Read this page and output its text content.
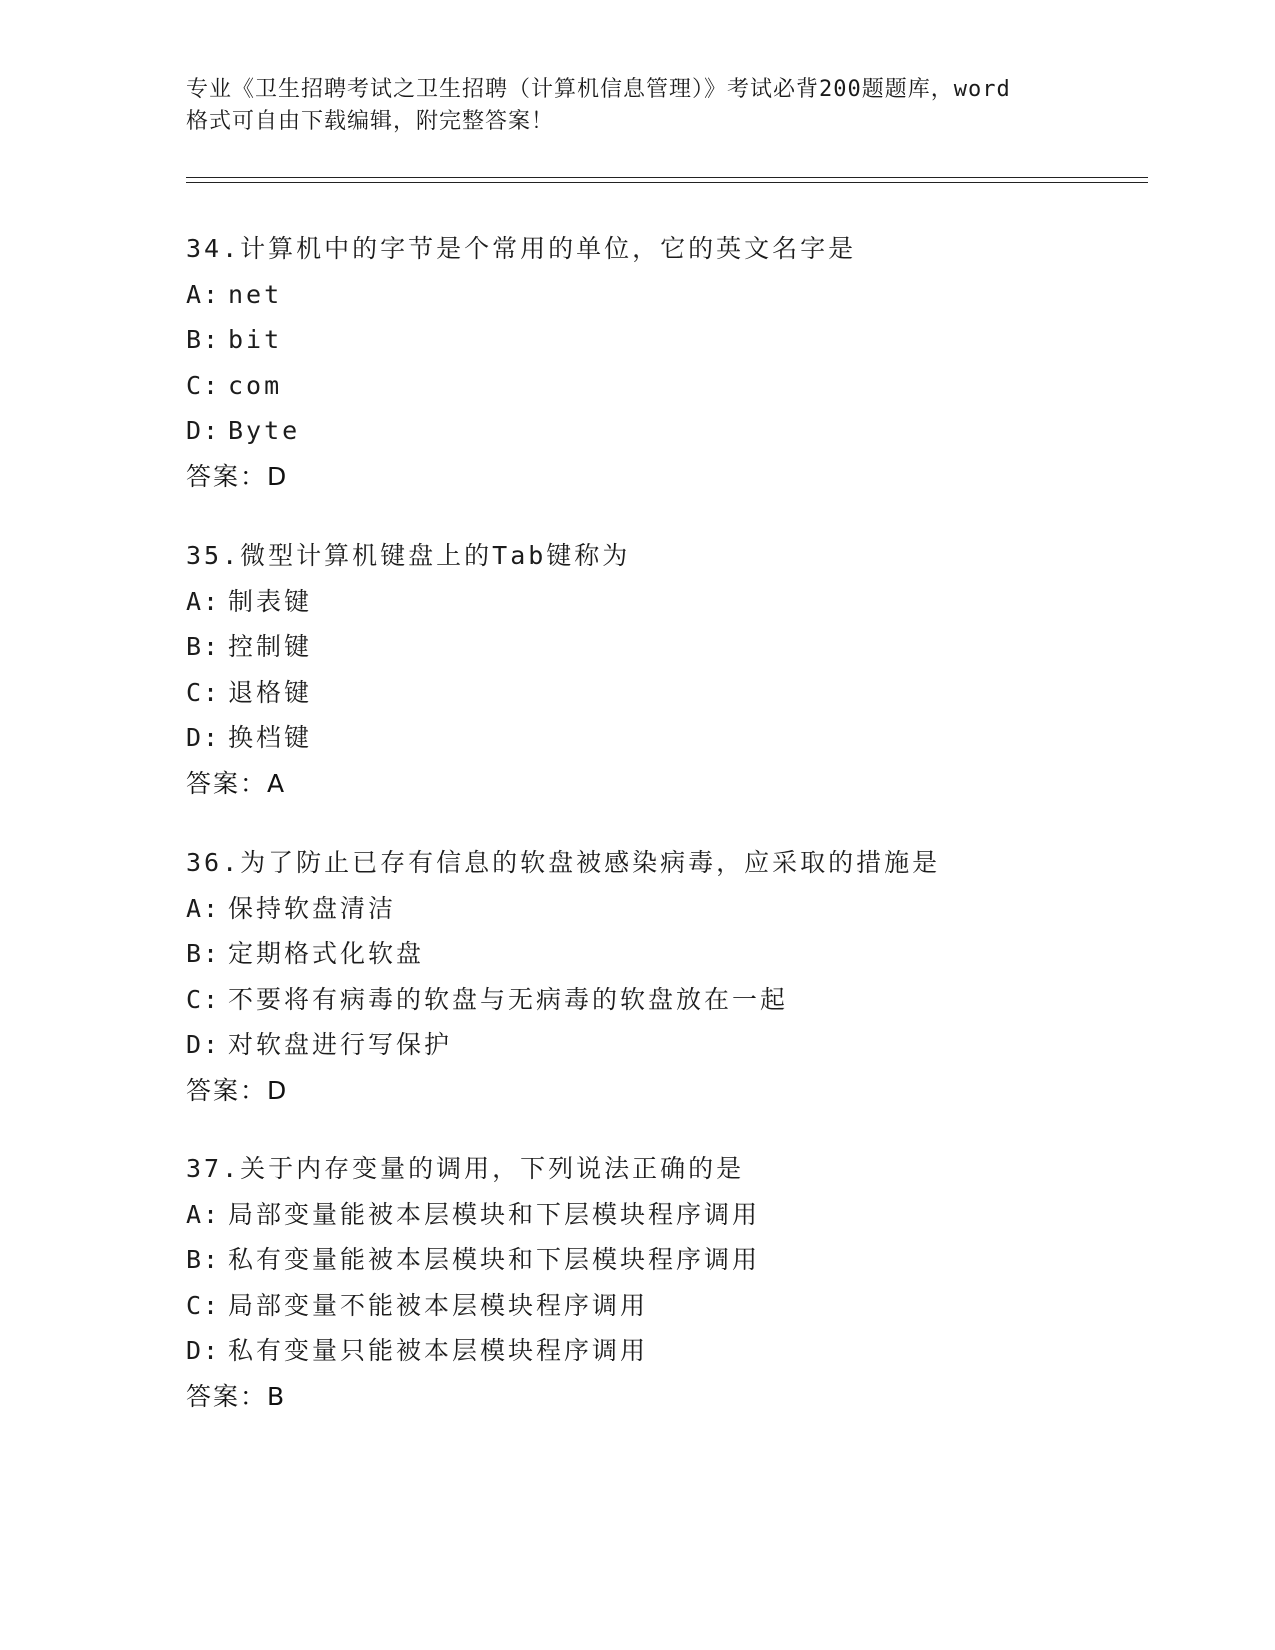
专业《卫生招聘考试之卫生招聘（计算机信息管理）》考试必背200题题库，word
格式可自由下载编辑，附完整答案！
34.计算机中的字节是个常用的单位，它的英文名字是
A: net
B: bit
C: com
D: Byte
答案：D
35.微型计算机键盘上的Tab键称为
A: 制表键
B: 控制键
C: 退格键
D: 换档键
答案：A
36.为了防止已存有信息的软盘被感染病毒，应采取的措施是
A: 保持软盘清洁
B: 定期格式化软盘
C: 不要将有病毒的软盘与无病毒的软盘放在一起
D: 对软盘进行写保护
答案：D
37.关于内存变量的调用，下列说法正确的是
A: 局部变量能被本层模块和下层模块程序调用
B: 私有变量能被本层模块和下层模块程序调用
C: 局部变量不能被本层模块程序调用
D: 私有变量只能被本层模块程序调用
答案：B
